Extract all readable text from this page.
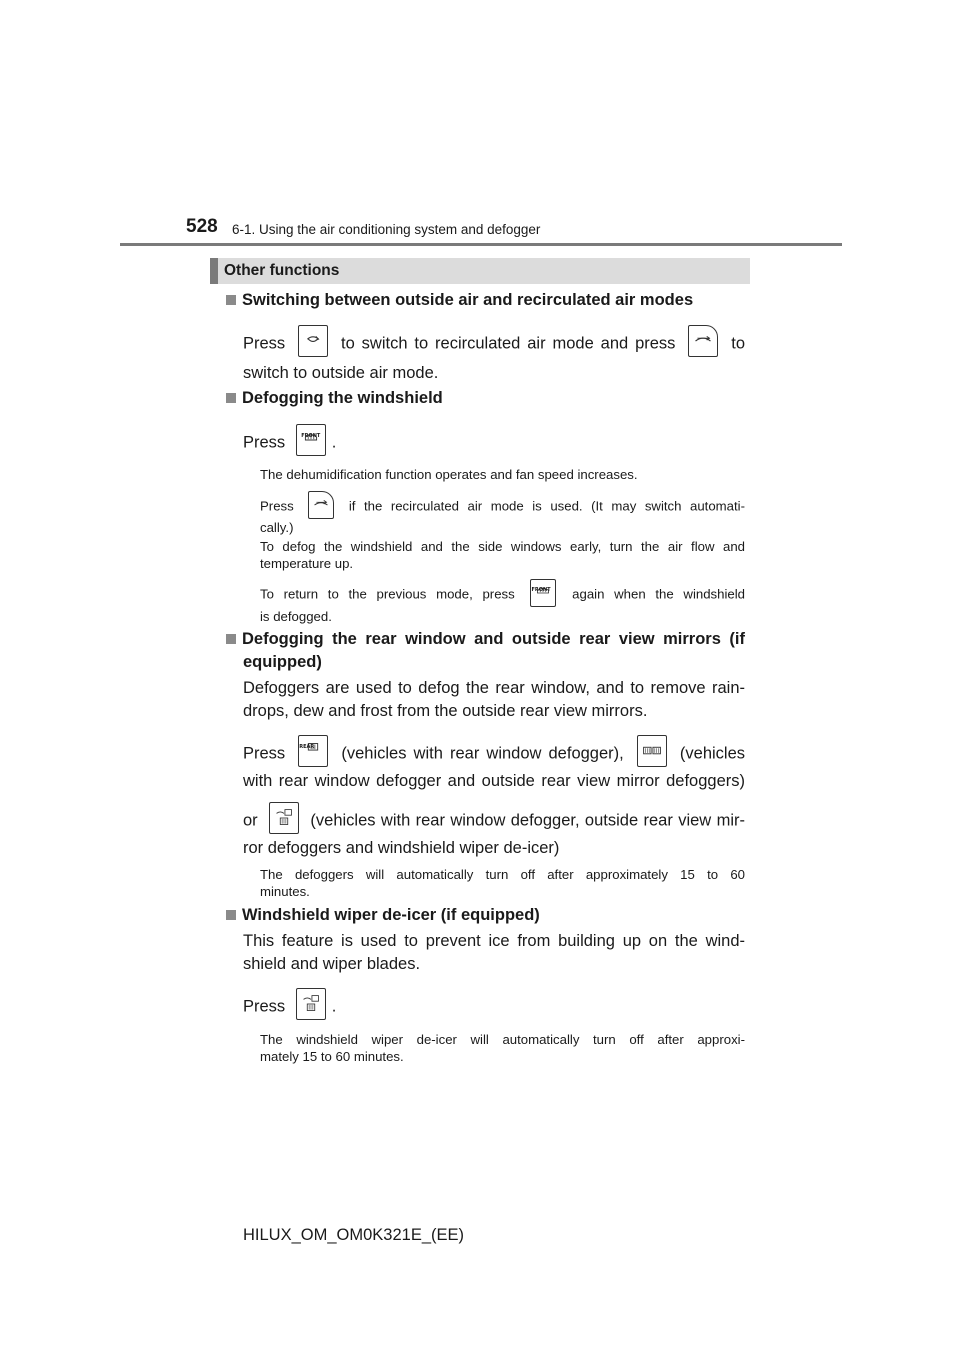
528 6-1. Using the air conditioning system and defogger
Other functions
Switching between outside air and recirculated air modes
Press	to switch to recirculated air mode and press	to
switch to outside air mode.
Defogging the windshield
Press	FRONT .
The dehumidification function operates and fan speed increases.
Press	if the recirculated air mode is used. (It may switch automati-
cally.)
To defog the windshield and the side windows early, turn the air flow and
temperature up.
To return to the previous mode, press	FRONT	again when the windshield
is defogged.
Defogging the rear window and outside rear view mirrors (if
equipped)
Defoggers are used to defog the rear window, and to remove rain-
drops, dew and frost from the outside rear view mirrors.
Press	REAR	(vehicles with rear window defogger),	(vehicles
with rear window defogger and outside rear view mirror defoggers)
or	(vehicles with rear window defogger, outside rear view mir-
ror defoggers and windshield wiper de-icer)
The defoggers will automatically turn off after approximately 15 to 60
minutes.
Windshield wiper de-icer (if equipped)
This feature is used to prevent ice from building up on the wind-
shield and wiper blades.
Press	.
The windshield wiper de-icer will automatically turn off after approxi-
mately 15 to 60 minutes.
HILUX_OM_OM0K321E_(EE)
